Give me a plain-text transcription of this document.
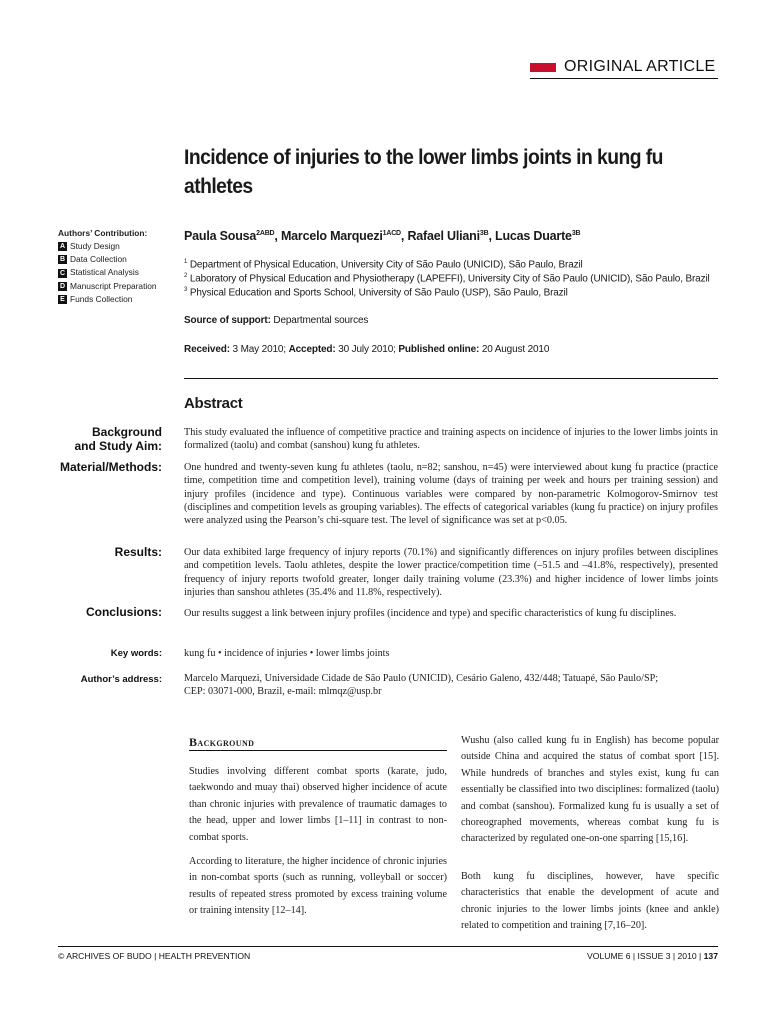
ORIGINAL ARTICLE
Incidence of injuries to the lower limbs joints in kung fu athletes
Authors’ Contribution:
A Study Design
B Data Collection
C Statistical Analysis
D Manuscript Preparation
E Funds Collection
Paula Sousa$^{2ABD}$, Marcelo Marquezi$^{1ACD}$, Rafael Uliani$^{3B}$, Lucas Duarte$^{3B}$
$^1$ Department of Physical Education, University City of São Paulo (UNICID), São Paulo, Brazil
$^2$ Laboratory of Physical Education and Physiotherapy (LAPEFFI), University City of São Paulo (UNICID), São Paulo, Brazil
$^3$ Physical Education and Sports School, University of São Paulo (USP), São Paulo, Brazil
Source of support: Departmental sources
Received: 3 May 2010; Accepted: 30 July 2010; Published online: 20 August 2010
Abstract
Background
and Study Aim:
This study evaluated the influence of competitive practice and training aspects on incidence of injuries to the lower limbs joints in formalized (taolu) and combat (sanshou) kung fu athletes.
Material/Methods: One hundred and twenty-seven kung fu athletes (taolu, n=82; sanshou, n=45) were interviewed about kung fu practice (practice time, competition time and competition level), training volume (days of training per week and hours per training session) and injury profiles (incidence and type). Continuous variables were compared by non-parametric Kolmogorov-Smirnov test (disciplines and competition levels as grouping variables). The effects of categorical variables (kung fu practice) on injury profiles were analyzed using the Pearson’s chi-square test. The level of significance was set at p<0.05.
Results: Our data exhibited large frequency of injury reports (70.1%) and significantly differences on injury profiles between disciplines and competition levels. Taolu athletes, despite the lower practice/competition time (–51.5 and –41.8%, respectively), presented frequency of injury reports twofold greater, longer daily training volume (23.3%) and higher incidence of lower limbs joints injuries than sanshou athletes (35.4% and 11.8%, respectively).
Conclusions: Our results suggest a link between injury profiles (incidence and type) and specific characteristics of kung fu disciplines.
Key words: kung fu • incidence of injuries • lower limbs joints
Author’s address: Marcelo Marquezi, Universidade Cidade de São Paulo (UNICID), Cesário Galeno, 432/448; Tatuapé, São Paulo/SP;
CEP: 03071-000, Brazil, e-mail: mlmqz@usp.br
Background
Studies involving different combat sports (karate, judo, taekwondo and muay thai) observed higher incidence of acute than chronic injuries with prevalence of traumatic damages to the head, upper and lower limbs [1–11] in contrast to non-combat sports.
According to literature, the higher incidence of chronic injuries in non-combat sports (such as running, volleyball or soccer) results of repeated stress promoted by excess training volume or training intensity [12–14].
Wushu (also called kung fu in English) has become popular outside China and acquired the status of combat sport [15]. While hundreds of branches and styles exist, kung fu can essentially be classified into two disciplines: formalized (taolu) and combat (sanshou). Formalized kung fu is usually a set of choreographed movements, whereas combat kung fu is characterized by regulated one-on-one sparring [15,16].
Both kung fu disciplines, however, have specific characteristics that enable the development of acute and chronic injuries to the lower limbs joints (knee and ankle) related to competition and training [7,16–20].
© ARCHIVES OF BUDO | HEALTH PREVENTION	VOLUME 6 | ISSUE 3 | 2010 | 137
